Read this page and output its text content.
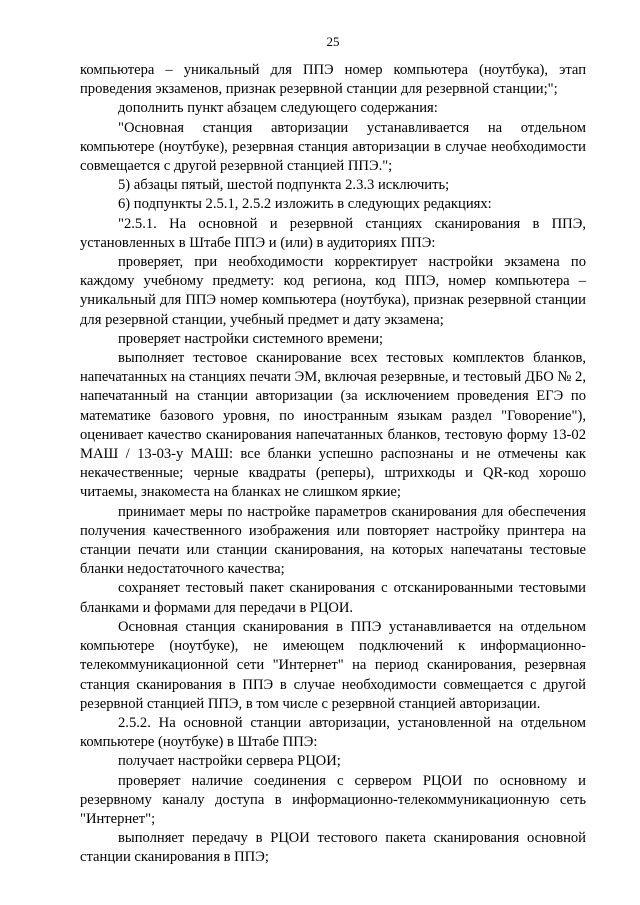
25

компьютера – уникальный для ППЭ номер компьютера (ноутбука), этап проведения экзаменов, признак резервной станции для резервной станции;";

дополнить пункт абзацем следующего содержания:

"Основная станция авторизации устанавливается на отдельном компьютере (ноутбуке), резервная станция авторизации в случае необходимости совмещается с другой резервной станцией ППЭ.";

5) абзацы пятый, шестой подпункта 2.3.3 исключить;

6) подпункты 2.5.1, 2.5.2 изложить в следующих редакциях:

"2.5.1. На основной и резервной станциях сканирования в ППЭ, установленных в Штабе ППЭ и (или) в аудиториях ППЭ:

проверяет, при необходимости корректирует настройки экзамена по каждому учебному предмету: код региона, код ППЭ, номер компьютера – уникальный для ППЭ номер компьютера (ноутбука), признак резервной станции для резервной станции, учебный предмет и дату экзамена;

проверяет настройки системного времени;

выполняет тестовое сканирование всех тестовых комплектов бланков, напечатанных на станциях печати ЭМ, включая резервные, и тестовый ДБО № 2, напечатанный на станции авторизации (за исключением проведения ЕГЭ по математике базового уровня, по иностранным языкам раздел "Говорение"), оценивает качество сканирования напечатанных бланков, тестовую форму 13-02 МАШ / 13-03-у МАШ: все бланки успешно распознаны и не отмечены как некачественные; черные квадраты (реперы), штрихкоды и QR-код хорошо читаемы, знакоместа на бланках не слишком яркие;

принимает меры по настройке параметров сканирования для обеспечения получения качественного изображения или повторяет настройку принтера на станции печати или станции сканирования, на которых напечатаны тестовые бланки недостаточного качества;

сохраняет тестовый пакет сканирования с отсканированными тестовыми бланками и формами для передачи в РЦОИ.

Основная станция сканирования в ППЭ устанавливается на отдельном компьютере (ноутбуке), не имеющем подключений к информационно-телекоммуникационной сети "Интернет" на период сканирования, резервная станция сканирования в ППЭ в случае необходимости совмещается с другой резервной станцией ППЭ, в том числе с резервной станцией авторизации.

2.5.2. На основной станции авторизации, установленной на отдельном компьютере (ноутбуке) в Штабе ППЭ:

получает настройки сервера РЦОИ;

проверяет наличие соединения с сервером РЦОИ по основному и резервному каналу доступа в информационно-телекоммуникационную сеть "Интернет";

выполняет передачу в РЦОИ тестового пакета сканирования основной станции сканирования в ППЭ;
